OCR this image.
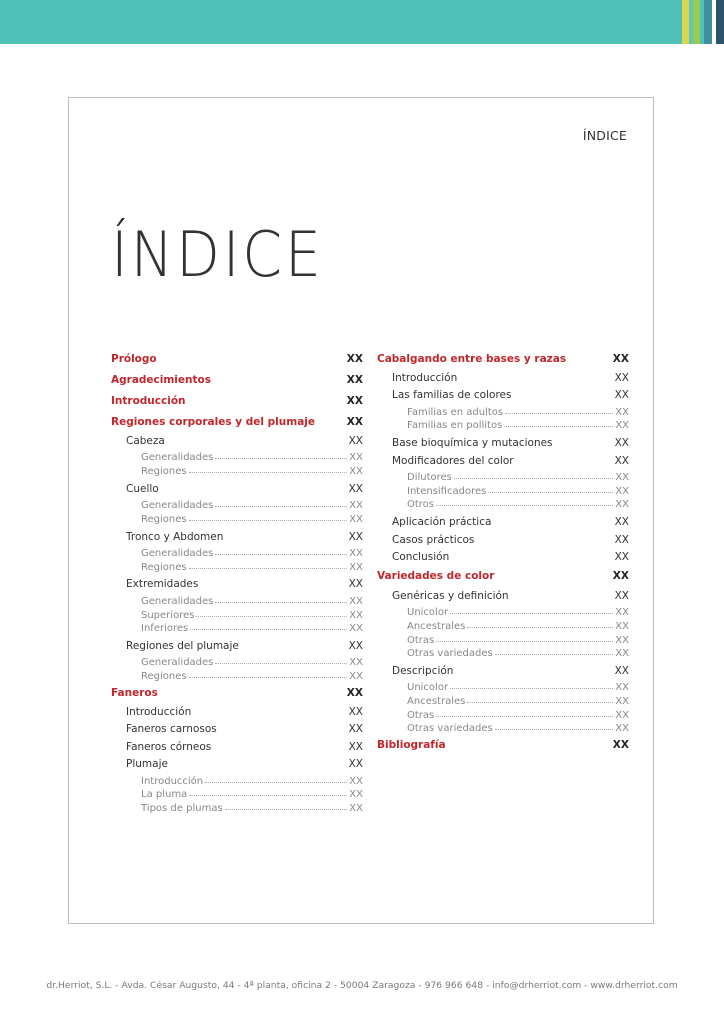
ÍNDICE
ÍNDICE
Prólogo	XX
Agradecimientos	XX
Introducción	XX
Regiones corporales y del plumaje	XX
Cabeza	XX
Generalidades	XX
Regiones	XX
Cuello	XX
Generalidades	XX
Regiones	XX
Tronco y Abdomen	XX
Generalidades	XX
Regiones	XX
Extremidades	XX
Generalidades	XX
Superiores	XX
Inferiores	XX
Regiones del plumaje	XX
Generalidades	XX
Regiones	XX
Faneros	XX
Introducción	XX
Faneros carnosos	XX
Faneros córneos	XX
Plumaje	XX
Introducción	XX
La pluma	XX
Tipos de plumas	XX
Cabalgando entre bases y razas	XX
Introducción	XX
Las familias de colores	XX
Familias en adultos	XX
Familias en pollitos	XX
Base bioquímica y mutaciones	XX
Modificadores del color	XX
Dilutores	XX
Intensificadores	XX
Otros	XX
Aplicación práctica	XX
Casos prácticos	XX
Conclusión	XX
Variedades de color	XX
Genéricas y definición	XX
Unicolor	XX
Ancestrales	XX
Otras	XX
Otras variedades	XX
Descripción	XX
Unicolor	XX
Ancestrales	XX
Otras	XX
Otras variedades	XX
Bibliografía	XX
dr.Herriot, S.L. - Avda. César Augusto, 44 - 4ª planta, oficina 2 - 50004 Zaragoza - 976 966 648 - info@drherriot.com - www.drherriot.com
